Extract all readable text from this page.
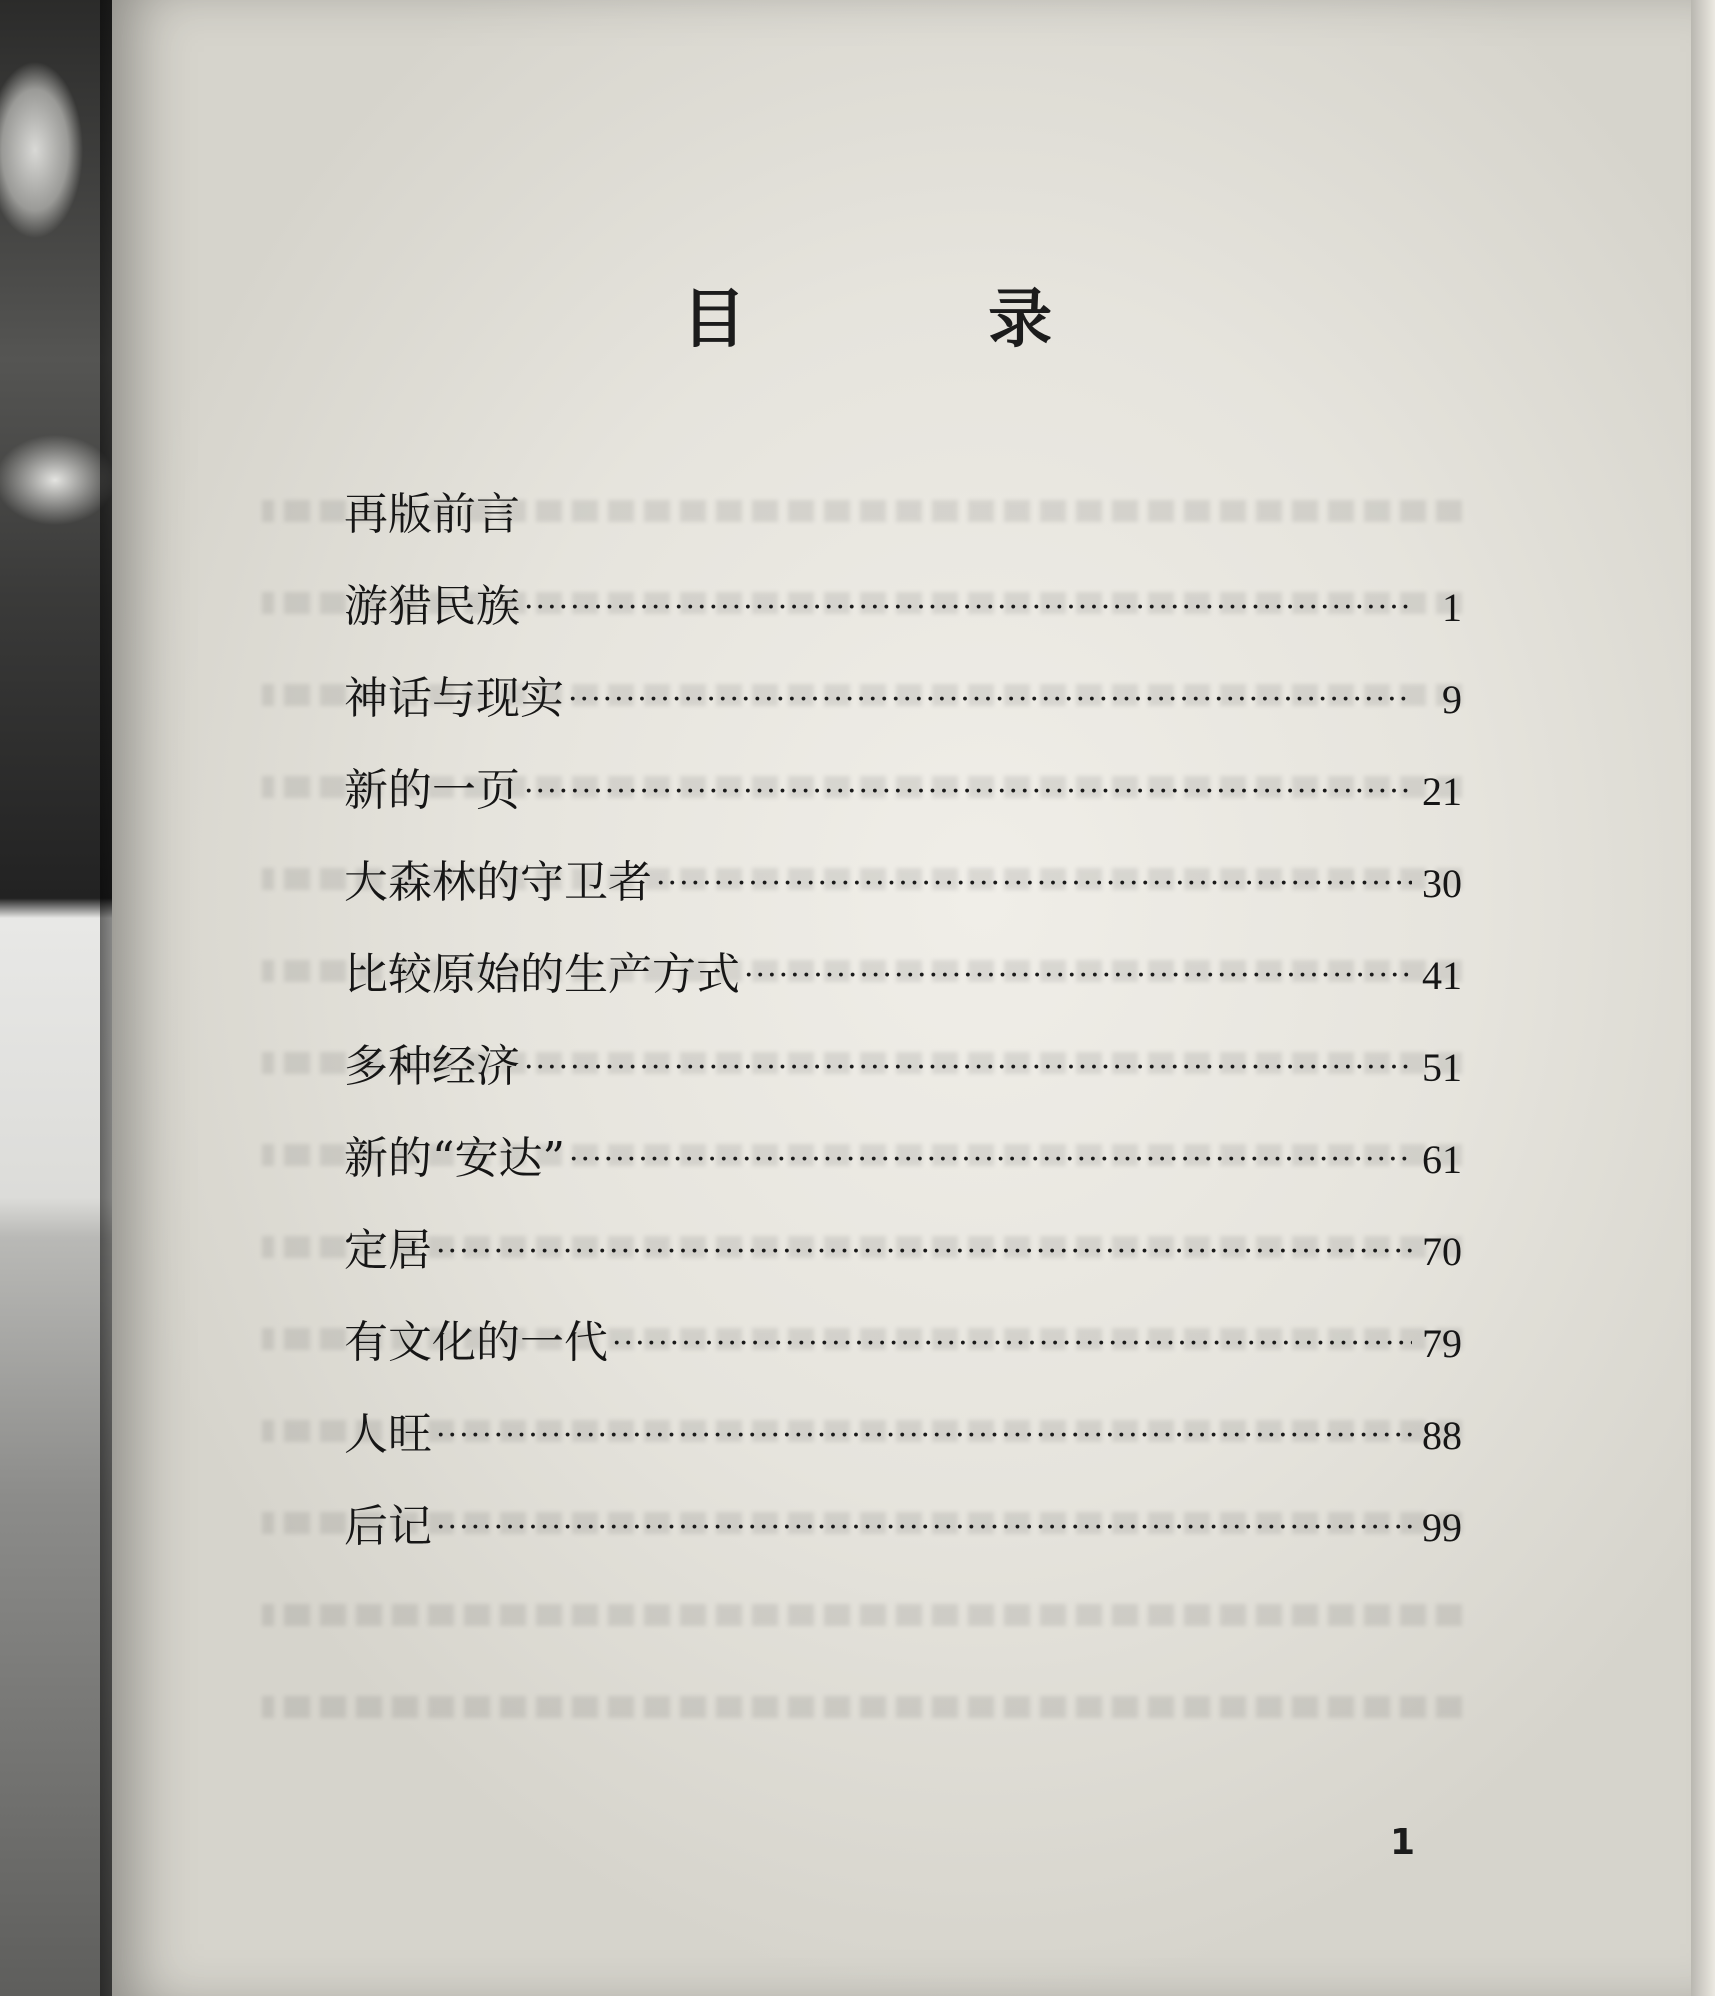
目 录
再版前言
游猎民族 ·····	1
神话与现实 ·····	9
新的一页 ·····	21
大森林的守卫者 ·····	30
比较原始的生产方式 ·····	41
多种经济 ·····	51
新的“安达” ·····	61
定居 ·····	70
有文化的一代 ·····	79
人旺 ·····	88
后记 ·····	99
1
